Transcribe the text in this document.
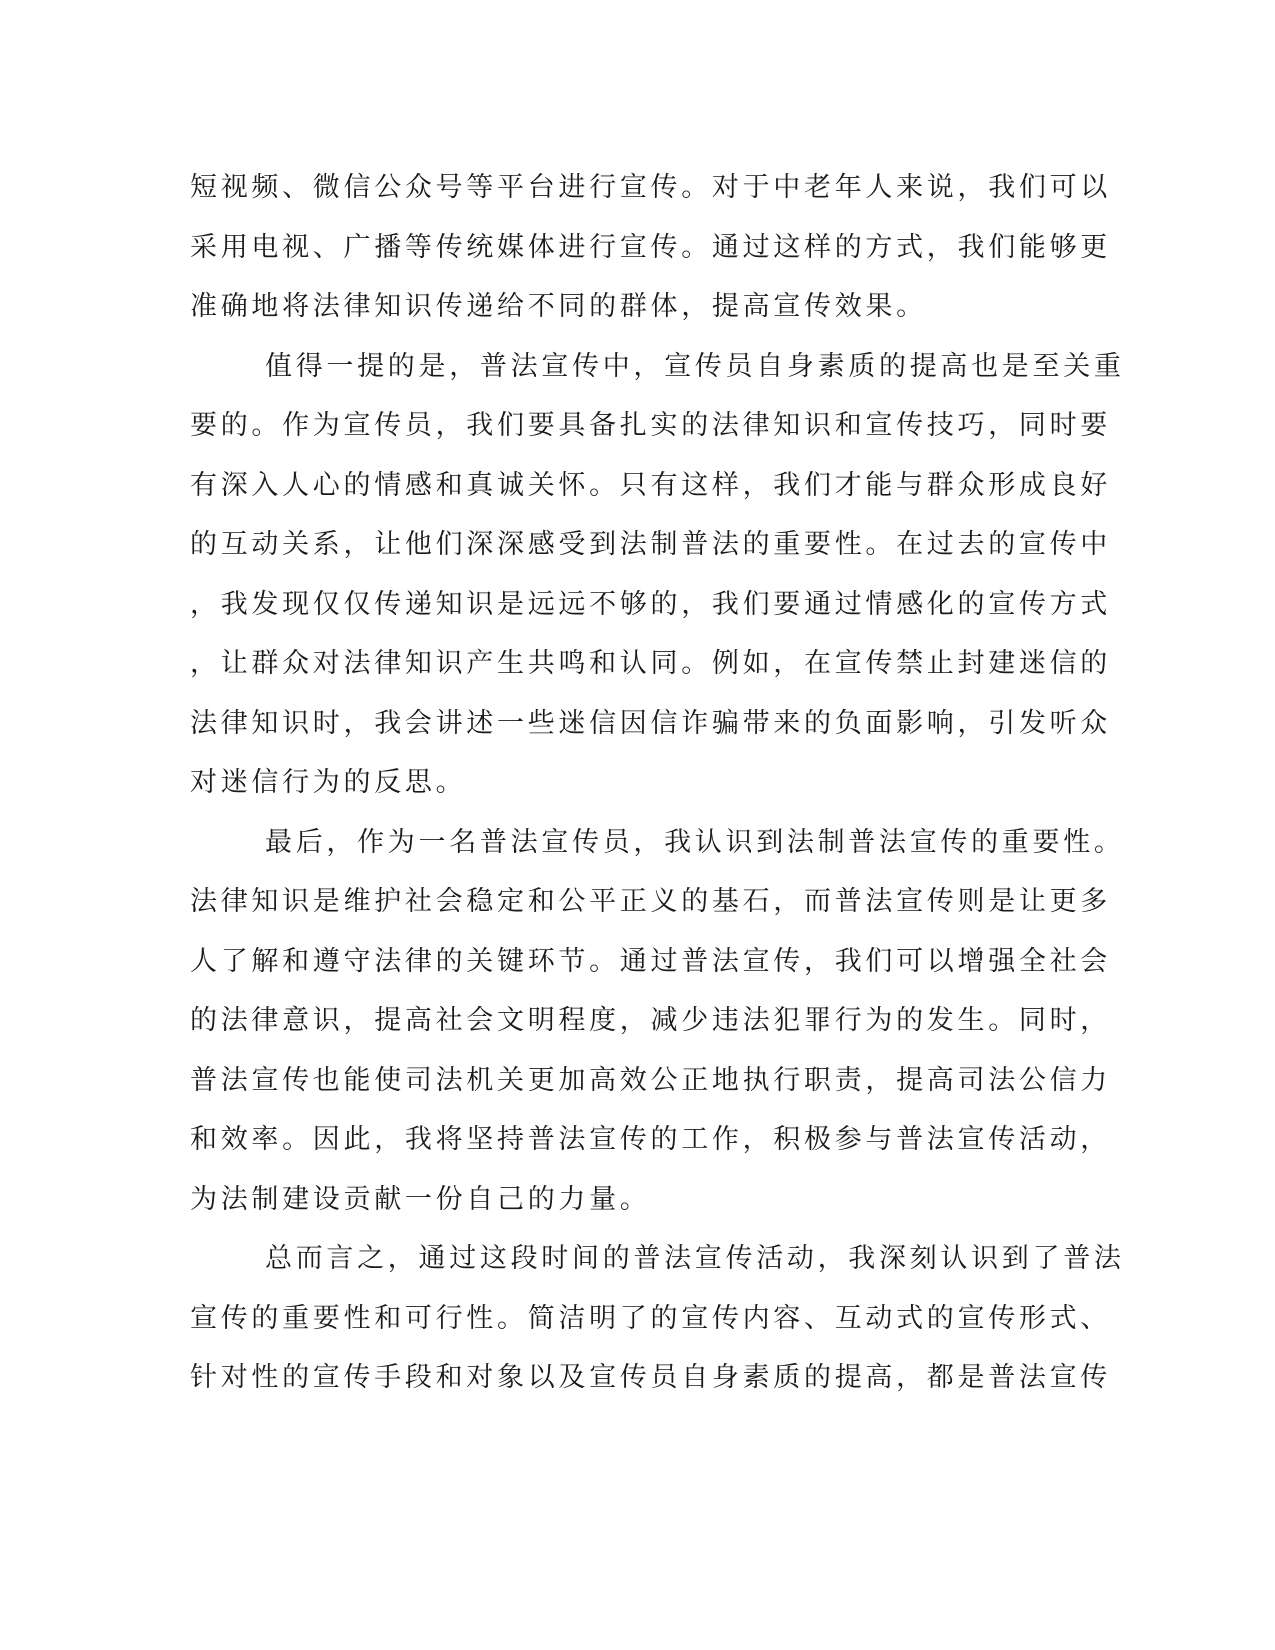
短视频、微信公众号等平台进行宣传。对于中老年人来说，我们可以
采用电视、广播等传统媒体进行宣传。通过这样的方式，我们能够更
准确地将法律知识传递给不同的群体，提高宣传效果。
值得一提的是，普法宣传中，宣传员自身素质的提高也是至关重
要的。作为宣传员，我们要具备扎实的法律知识和宣传技巧，同时要
有深入人心的情感和真诚关怀。只有这样，我们才能与群众形成良好
的互动关系，让他们深深感受到法制普法的重要性。在过去的宣传中
，我发现仅仅传递知识是远远不够的，我们要通过情感化的宣传方式
，让群众对法律知识产生共鸣和认同。例如，在宣传禁止封建迷信的
法律知识时，我会讲述一些迷信因信诈骗带来的负面影响，引发听众
对迷信行为的反思。
最后，作为一名普法宣传员，我认识到法制普法宣传的重要性。
法律知识是维护社会稳定和公平正义的基石，而普法宣传则是让更多
人了解和遵守法律的关键环节。通过普法宣传，我们可以增强全社会
的法律意识，提高社会文明程度，减少违法犯罪行为的发生。同时，
普法宣传也能使司法机关更加高效公正地执行职责，提高司法公信力
和效率。因此，我将坚持普法宣传的工作，积极参与普法宣传活动，
为法制建设贡献一份自己的力量。
总而言之，通过这段时间的普法宣传活动，我深刻认识到了普法
宣传的重要性和可行性。简洁明了的宣传内容、互动式的宣传形式、
针对性的宣传手段和对象以及宣传员自身素质的提高，都是普法宣传
